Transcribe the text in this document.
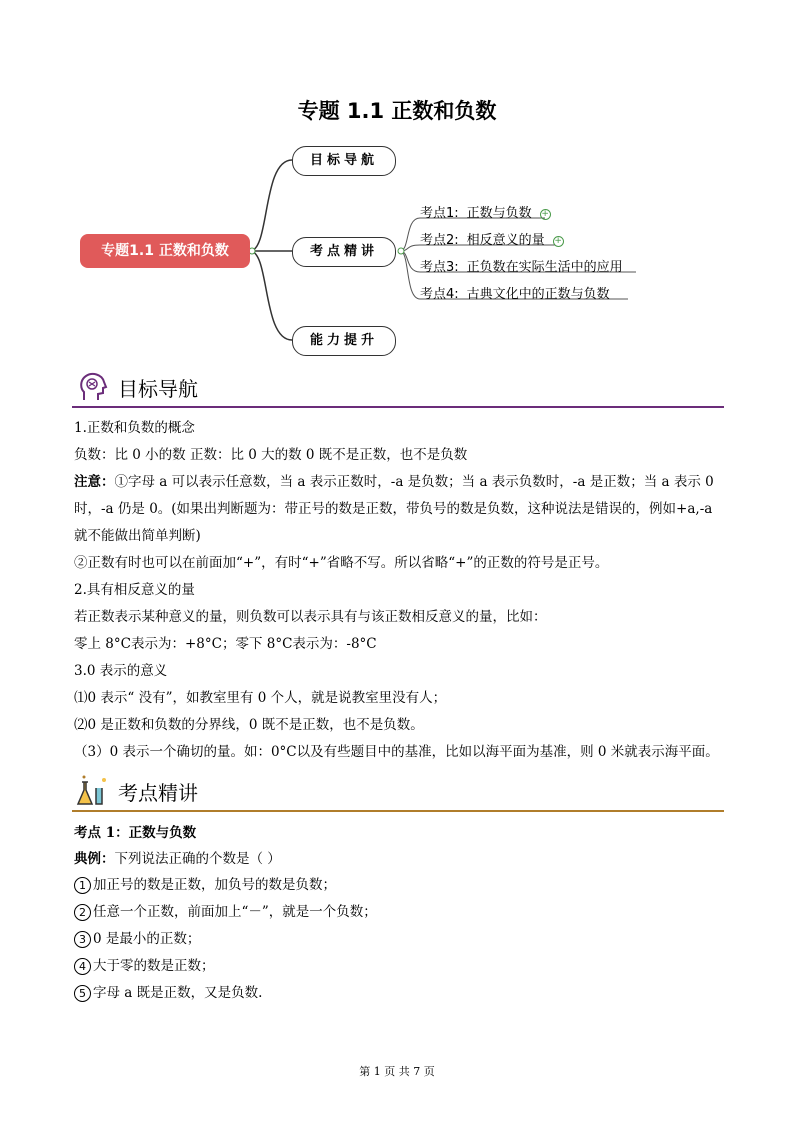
专题 1.1 正数和负数
专题1.1 正数和负数
目标导航
考点精讲
能力提升
考点1: 正数与负数 +
考点2: 相反意义的量 +
考点3: 正负数在实际生活中的应用
考点4: 古典文化中的正数与负数
目标导航
1.正数和负数的概念
负数：比 0 小的数 正数：比 0 大的数 0 既不是正数，也不是负数
注意：①字母 a 可以表示任意数，当 a 表示正数时，-a 是负数；当 a 表示负数时，-a 是正数；当 a 表示 0
时，-a 仍是 0。(如果出判断题为：带正号的数是正数，带负号的数是负数，这种说法是错误的，例如+a,-a
就不能做出简单判断)
②正数有时也可以在前面加“+”，有时“+”省略不写。所以省略“+”的正数的符号是正号。
2.具有相反意义的量
若正数表示某种意义的量，则负数可以表示具有与该正数相反意义的量，比如：
零上 8°C表示为：+8°C；零下 8°C表示为：-8°C
3.0 表示的意义
⑴0 表示“ 没有”，如教室里有 0 个人，就是说教室里没有人；
⑵0 是正数和负数的分界线，0 既不是正数，也不是负数。
（3）0 表示一个确切的量。如：0°C以及有些题目中的基准，比如以海平面为基准，则 0 米就表示海平面。
考点精讲
考点 1：正数与负数
典例：下列说法正确的个数是（ ）
1 加正号的数是正数，加负号的数是负数；
2 任意一个正数，前面加上“－”，就是一个负数；
3 0 是最小的正数；
4 大于零的数是正数；
5 字母 a 既是正数，又是负数.
第 1 页 共 7 页
